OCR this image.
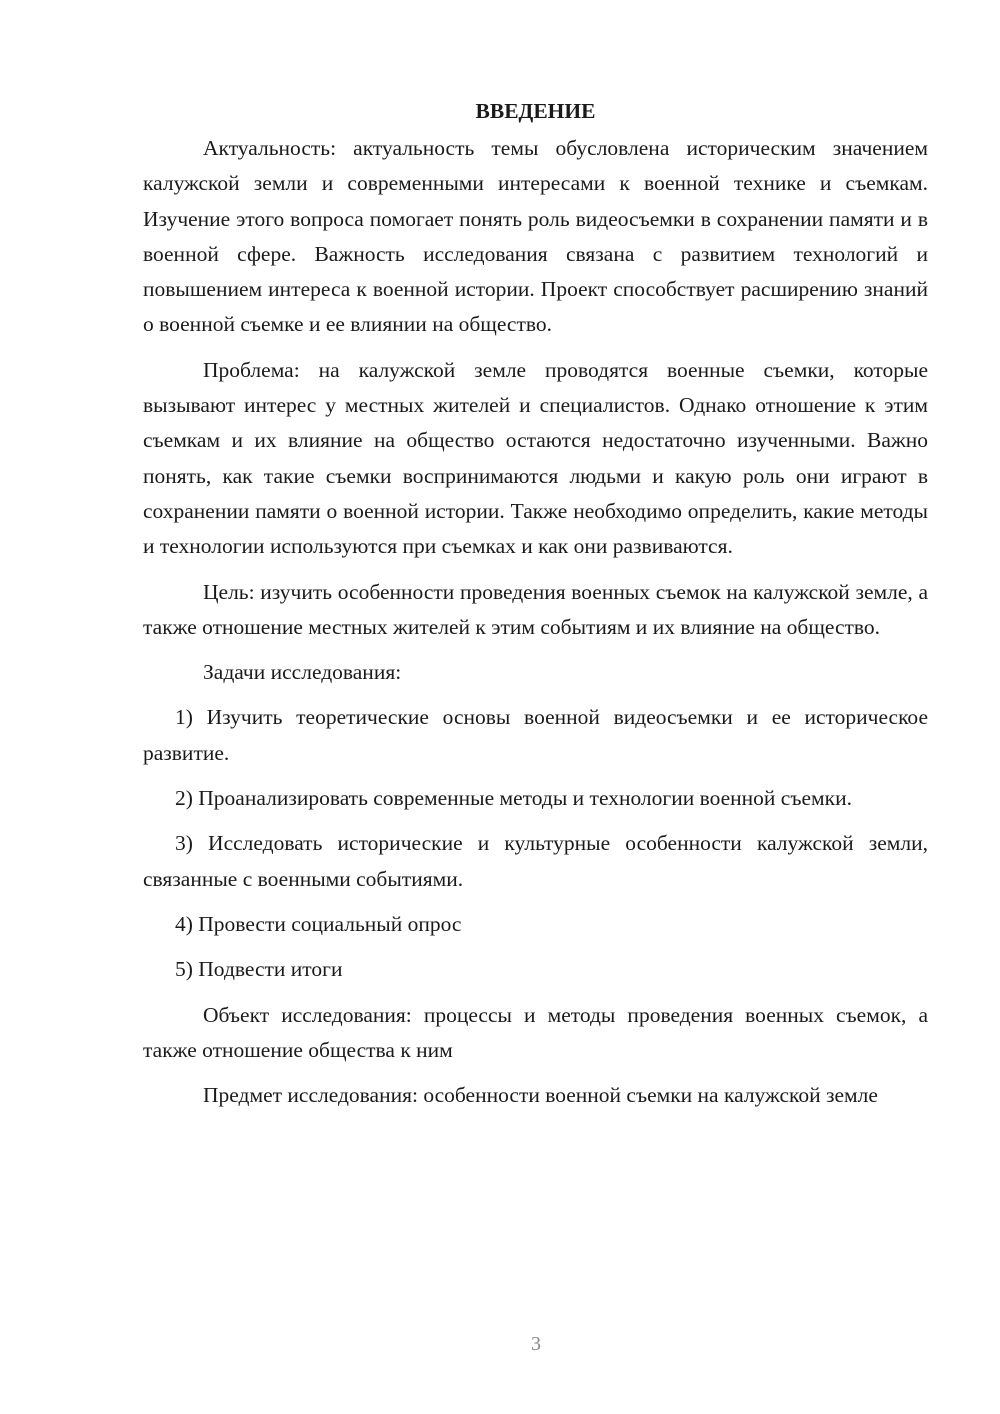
ВВЕДЕНИЕ

Актуальность: актуальность темы обусловлена историческим значением калужской земли и современными интересами к военной технике и съемкам. Изучение этого вопроса помогает понять роль видеосъемки в сохранении памяти и в военной сфере. Важность исследования связана с развитием технологий и повышением интереса к военной истории. Проект способствует расширению знаний о военной съемке и ее влиянии на общество.

Проблема: на калужской земле проводятся военные съемки, которые вызывают интерес у местных жителей и специалистов. Однако отношение к этим съемкам и их влияние на общество остаются недостаточно изученными. Важно понять, как такие съемки воспринимаются людьми и какую роль они играют в сохранении памяти о военной истории. Также необходимо определить, какие методы и технологии используются при съемках и как они развиваются.

Цель: изучить особенности проведения военных съемок на калужской земле, а также отношение местных жителей к этим событиям и их влияние на общество.

Задачи исследования:

1) Изучить теоретические основы военной видеосъемки и ее историческое развитие.

2) Проанализировать современные методы и технологии военной съемки.

3) Исследовать исторические и культурные особенности калужской земли, связанные с военными событиями.

4) Провести социальный опрос

5) Подвести итоги

Объект исследования: процессы и методы проведения военных съемок, а также отношение общества к ним

Предмет исследования: особенности военной съемки на калужской земле

3
